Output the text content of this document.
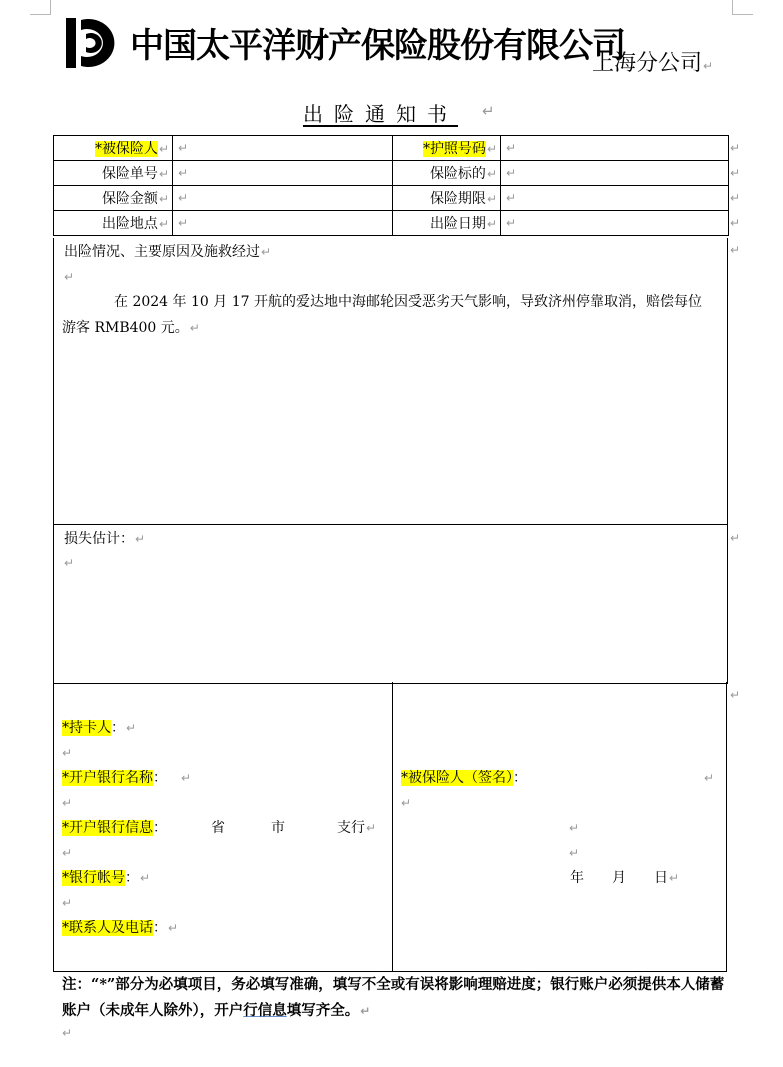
中国太平洋财产保险股份有限公司
上海分公司↵
出险通知书 ↵
*被保险人↵	↵	*护照号码↵	↵
保险单号↵	↵	保险标的↵	↵
保险金额↵	↵	保险期限↵	↵
出险地点↵	↵	出险日期↵	↵
↵
↵
↵
↵
↵
出险情况、主要原因及施救经过↵
↵
在 2024 年 10 月 17 开航的爱达地中海邮轮因受恶劣天气影响，导致济州停靠取消，赔偿每位游客 RMB400 元。↵
↵
损失估计：↵
↵
↵
*持卡人：↵
↵
*开户银行名称： ↵
↵
*开户银行信息：	省	市	支行↵
↵
*银行帐号：↵
↵
*联系人及电话：↵
*被保险人（签名）：	↵
↵
↵
↵
年 月 日↵
注：“*”部分为必填项目，务必填写准确，填写不全或有误将影响理赔进度；银行账户必须提供本人储蓄账户（未成年人除外），开户行信息填写齐全。↵
↵
